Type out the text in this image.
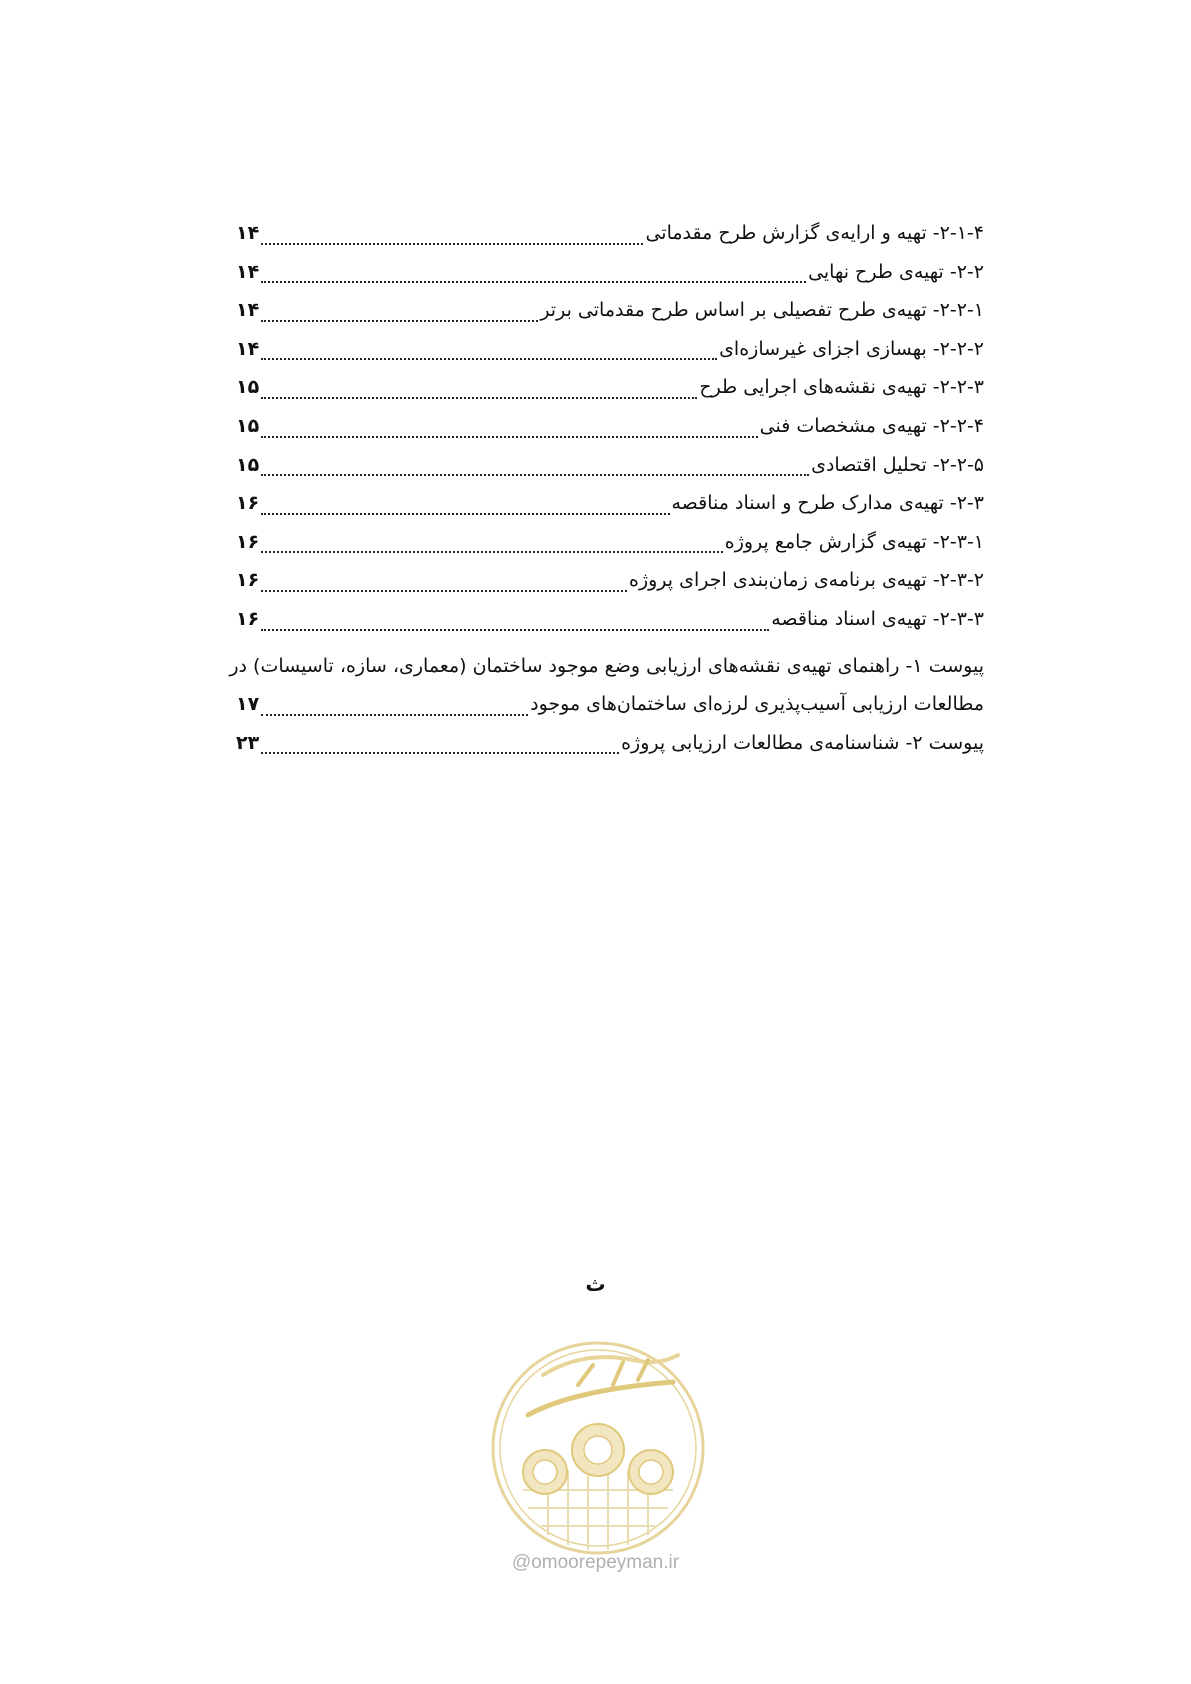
۲-۱-۴- تهیه و ارایه‌ی گزارش طرح مقدماتی
۱۴
۲-۲- تهیه‌ی طرح نهایی
۱۴
۲-۲-۱- تهیه‌ی طرح تفصیلی بر اساس طرح مقدماتی برتر
۱۴
۲-۲-۲- بهسازی اجزای غیرسازه‌ای
۱۴
۲-۲-۳- تهیه‌ی نقشه‌های اجرایی طرح
۱۵
۲-۲-۴- تهیه‌ی مشخصات فنی
۱۵
۲-۲-۵- تحلیل اقتصادی
۱۵
۲-۳- تهیه‌ی مدارک طرح و اسناد مناقصه
۱۶
۲-۳-۱- تهیه‌ی گزارش جامع پروژه
۱۶
۲-۳-۲- تهیه‌ی برنامه‌ی زمان‌بندی اجرای پروژه
۱۶
۲-۳-۳- تهیه‌ی اسناد مناقصه
۱۶
پیوست ۱- راهنمای تهیه‌ی نقشه‌های ارزیابی وضع موجود ساختمان (معماری، سازه، تاسیسات) در
مطالعات ارزیابی آسیب‌پذیری لرزه‌ای ساختمان‌های موجود
۱۷
پیوست ۲- شناسنامه‌ی مطالعات ارزیابی پروژه
۲۳
ث
@omoorepeyman.ir
